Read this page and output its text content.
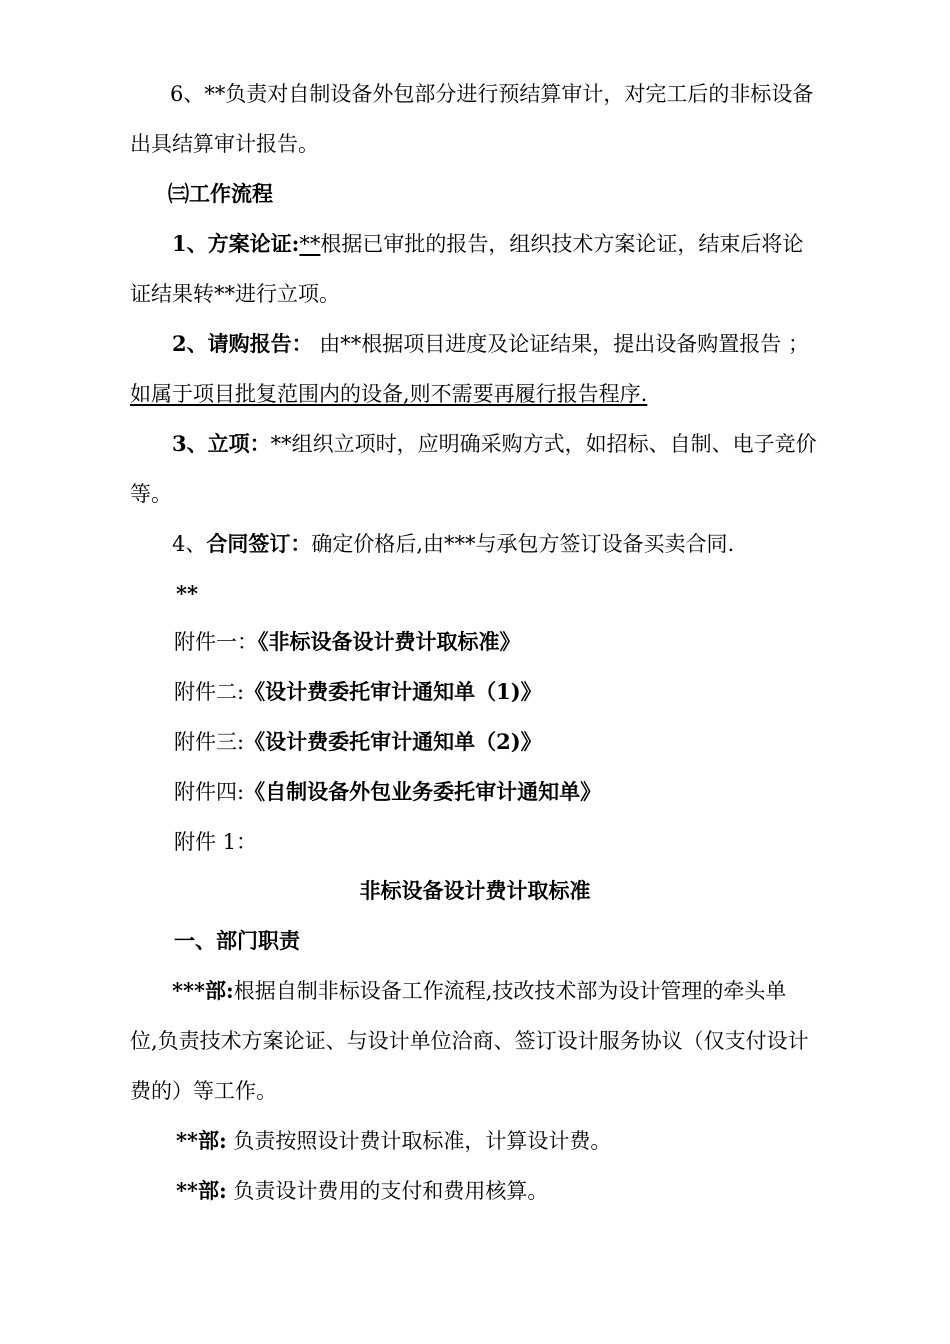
6、**负责对自制设备外包部分进行预结算审计，对完工后的非标设备
出具结算审计报告。
㈢工作流程
1、方案论证:**根据已审批的报告，组织技术方案论证，结束后将论
证结果转**进行立项。
2、请购报告： 由**根据项目进度及论证结果，提出设备购置报告 ；
如属于项目批复范围内的设备,则不需要再履行报告程序.
3、立项：**组织立项时，应明确采购方式，如招标、自制、电子竞价
等。
4、合同签订：确定价格后,由***与承包方签订设备买卖合同.
**
附件一：《非标设备设计费计取标准》
附件二:《设计费委托审计通知单（1)》
附件三:《设计费委托审计通知单（2)》
附件四:《自制设备外包业务委托审计通知单》
附件 1：
非标设备设计费计取标准
一、部门职责
***部:根据自制非标设备工作流程,技改技术部为设计管理的牵头单
位,负责技术方案论证、与设计单位洽商、签订设计服务协议（仅支付设计
费的）等工作。
**部: 负责按照设计费计取标准，计算设计费。
**部: 负责设计费用的支付和费用核算。
